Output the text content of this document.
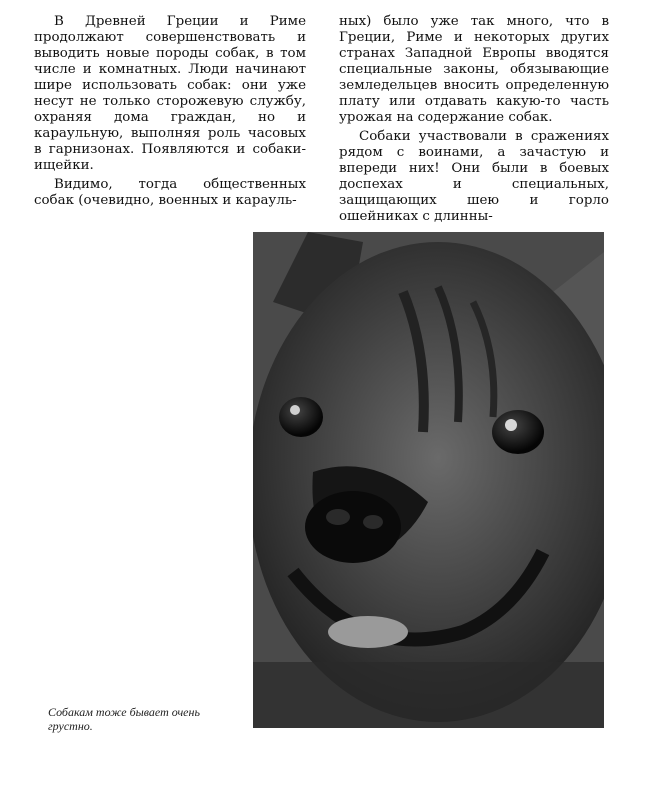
В Древней Греции и Риме продолжают совершенствовать и выводить новые породы собак, в том числе и комнатных. Люди начинают шире использовать собак: они уже несут не только сторожевую службу, охраняя дома граждан, но и караульную, выполняя роль часовых в гарнизонах. Появляются и собаки-ищейки.

Видимо, тогда общественных собак (очевидно, военных и карауль-

ных) было уже так много, что в Греции, Риме и некоторых других странах Западной Европы вводятся специальные законы, обязывающие земледельцев вносить определенную плату или отдавать какую-то часть урожая на содержание собак.

Собаки участвовали в сражениях рядом с воинами, а зачастую и впереди них! Они были в боевых доспехах и специальных, защищающих шею и горло ошейниках с длинны-

Собакам тоже бывает очень грустно.
